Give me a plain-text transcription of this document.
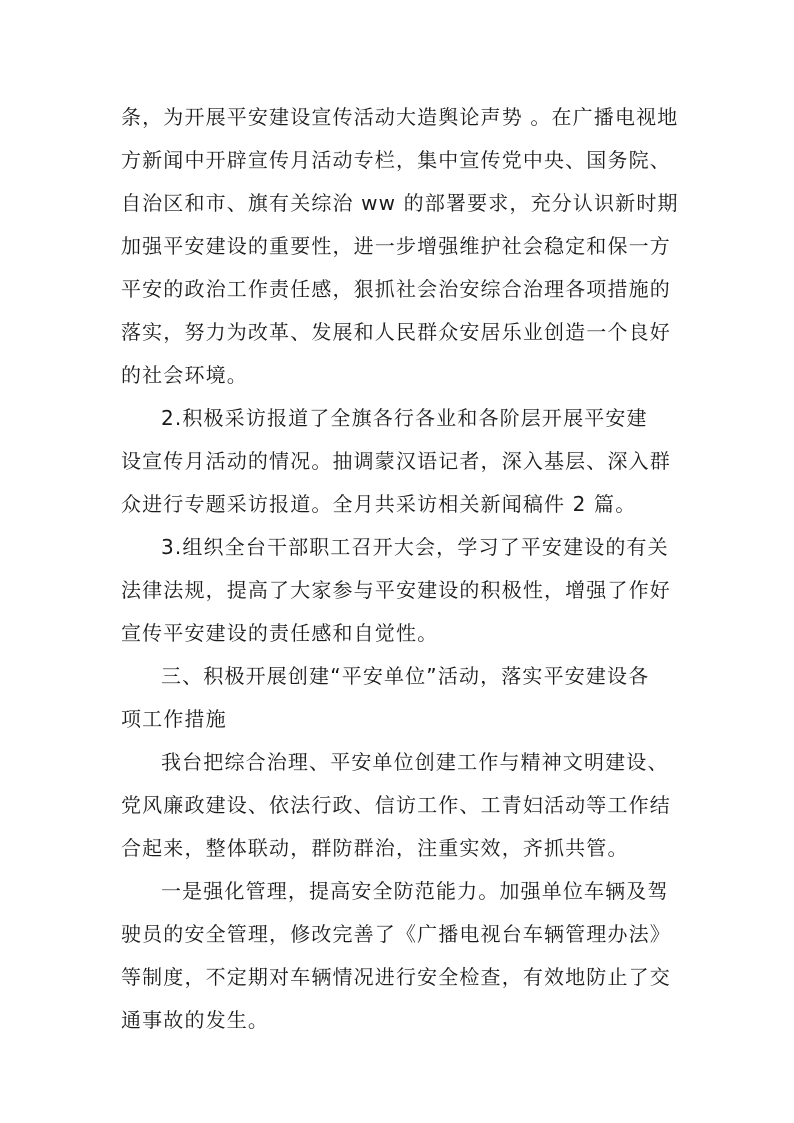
条，为开展平安建设宣传活动大造舆论声势 。在广播电视地
方新闻中开辟宣传月活动专栏，集中宣传党中央、国务院、
自治区和市、旗有关综治 ww 的部署要求，充分认识新时期
加强平安建设的重要性，进一步增强维护社会稳定和保一方
平安的政治工作责任感，狠抓社会治安综合治理各项措施的
落实，努力为改革、发展和人民群众安居乐业创造一个良好
的社会环境。
2.积极采访报道了全旗各行各业和各阶层开展平安建
设宣传月活动的情况。抽调蒙汉语记者，深入基层、深入群
众进行专题采访报道。全月共采访相关新闻稿件 2 篇。
3.组织全台干部职工召开大会，学习了平安建设的有关
法律法规，提高了大家参与平安建设的积极性，增强了作好
宣传平安建设的责任感和自觉性。
三、积极开展创建“平安单位”活动，落实平安建设各
项工作措施
我台把综合治理、平安单位创建工作与精神文明建设、
党风廉政建设、依法行政、信访工作、工青妇活动等工作结
合起来，整体联动，群防群治，注重实效，齐抓共管。
一是强化管理，提高安全防范能力。加强单位车辆及驾
驶员的安全管理，修改完善了《广播电视台车辆管理办法》
等制度，不定期对车辆情况进行安全检查，有效地防止了交
通事故的发生。
